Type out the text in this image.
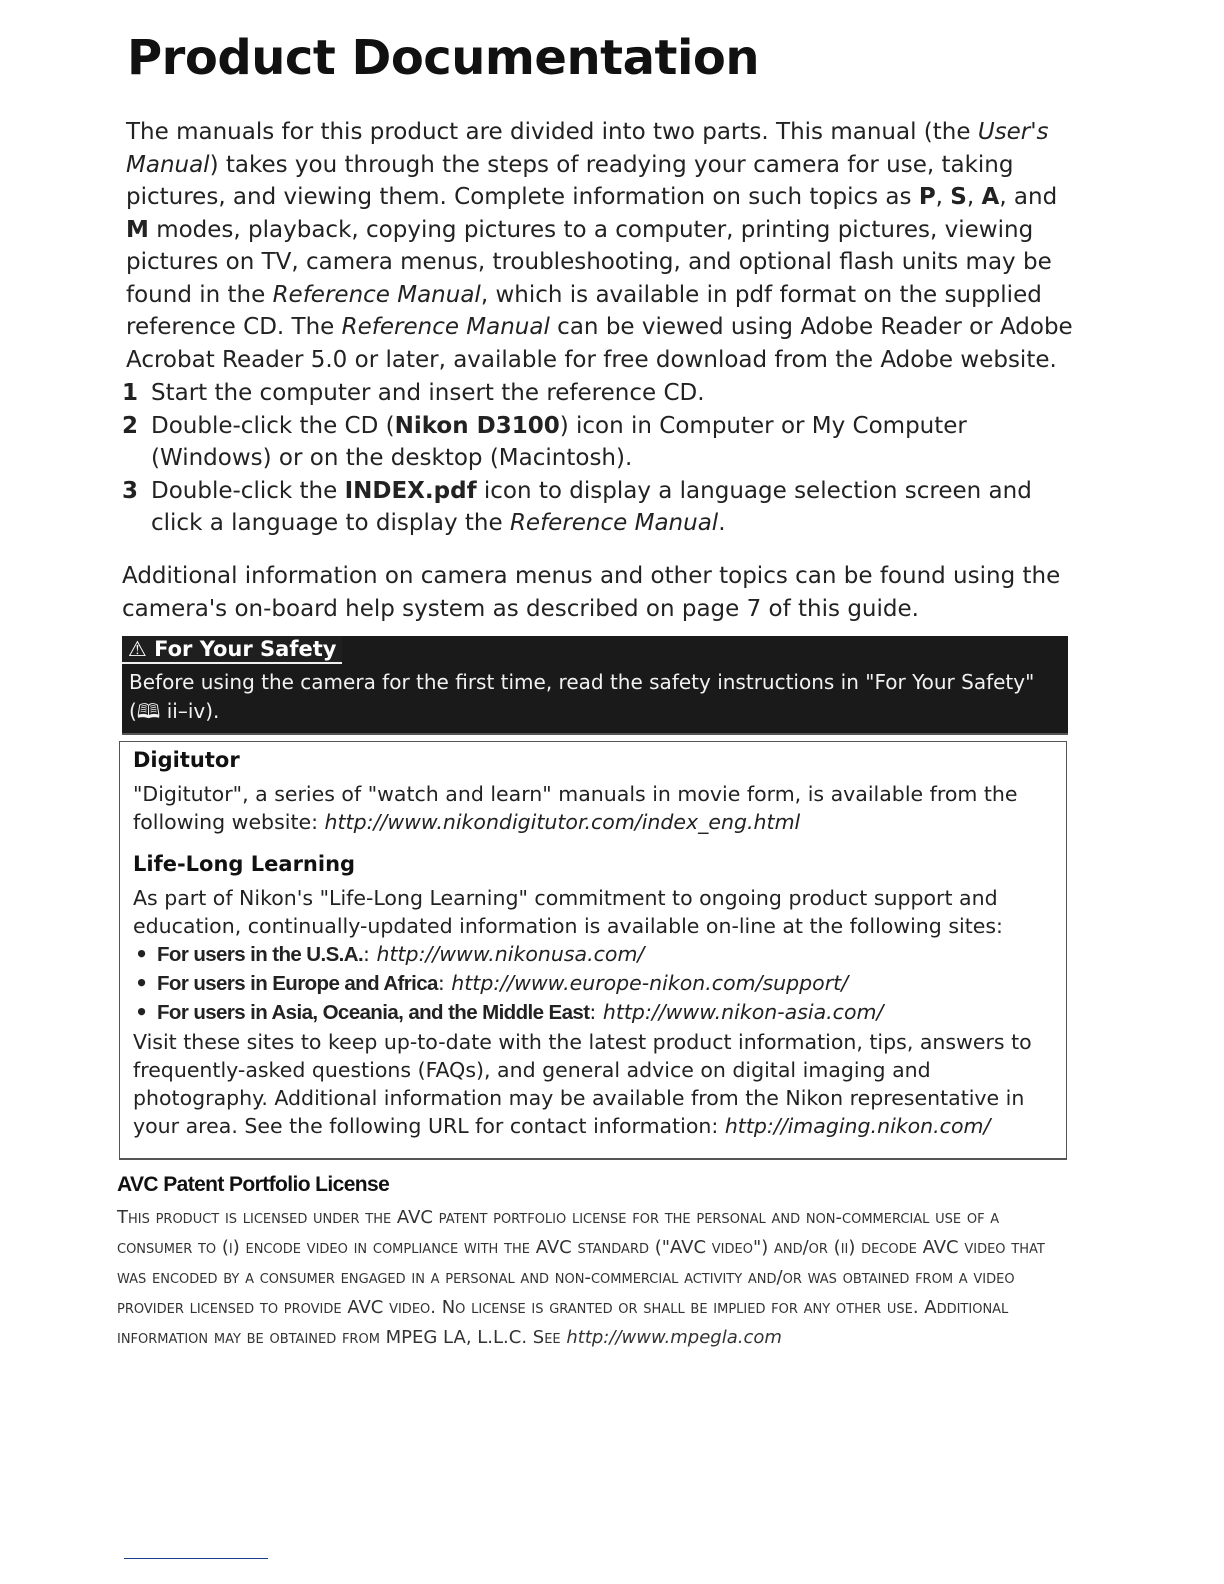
Product Documentation

The manuals for this product are divided into two parts. This manual (the User's Manual) takes you through the steps of readying your camera for use, taking pictures, and viewing them. Complete information on such topics as P, S, A, and M modes, playback, copying pictures to a computer, printing pictures, viewing pictures on TV, camera menus, troubleshooting, and optional flash units may be found in the Reference Manual, which is available in pdf format on the supplied reference CD. The Reference Manual can be viewed using Adobe Reader or Adobe Acrobat Reader 5.0 or later, available for free download from the Adobe website.

1 Start the computer and insert the reference CD.
2 Double-click the CD (Nikon D3100) icon in Computer or My Computer (Windows) or on the desktop (Macintosh).
3 Double-click the INDEX.pdf icon to display a language selection screen and click a language to display the Reference Manual.

Additional information on camera menus and other topics can be found using the camera's on-board help system as described on page 7 of this guide.

⚠ For Your Safety
Before using the camera for the first time, read the safety instructions in "For Your Safety"
(🕮 ii–iv).
Digitutor

"Digitutor", a series of "watch and learn" manuals in movie form, is available from the following website: http://www.nikondigitutor.com/index_eng.html

Life-Long Learning

As part of Nikon's "Life-Long Learning" commitment to ongoing product support and education, continually-updated information is available on-line at the following sites:

• For users in the U.S.A.: http://www.nikonusa.com/
• For users in Europe and Africa: http://www.europe-nikon.com/support/
• For users in Asia, Oceania, and the Middle East: http://www.nikon-asia.com/

Visit these sites to keep up-to-date with the latest product information, tips, answers to frequently-asked questions (FAQs), and general advice on digital imaging and photography. Additional information may be available from the Nikon representative in your area. See the following URL for contact information: http://imaging.nikon.com/

AVC Patent Portfolio License

This product is licensed under the AVC patent portfolio license for the personal and non-commercial use of a consumer to (i) encode video in compliance with the AVC standard ("AVC video") and/or (ii) decode AVC video that was encoded by a consumer engaged in a personal and non-commercial activity and/or was obtained from a video provider licensed to provide AVC video. No license is granted or shall be implied for any other use. Additional information may be obtained from MPEG LA, L.L.C. See http://www.mpegla.com
